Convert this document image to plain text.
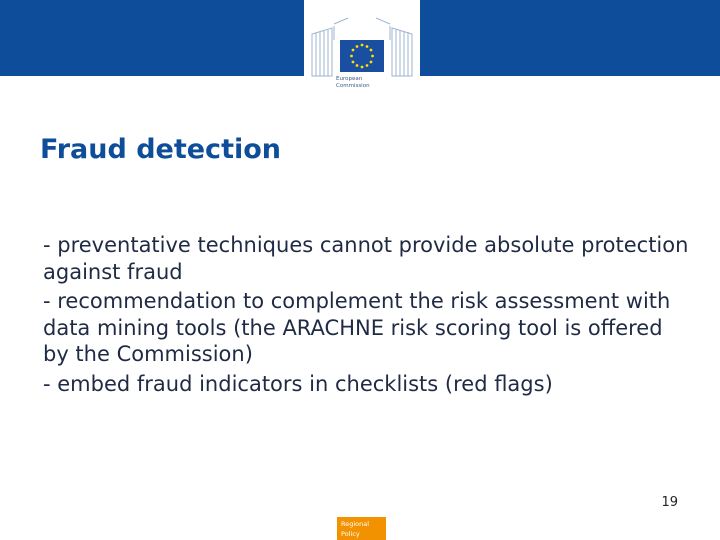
European
Commission
Fraud detection
- preventative techniques cannot provide absolute protection against fraud
- recommendation to complement the risk assessment with data mining tools (the ARACHNE risk scoring tool is offered by the Commission)
- embed fraud indicators in checklists (red flags)
19
Regional
Policy
